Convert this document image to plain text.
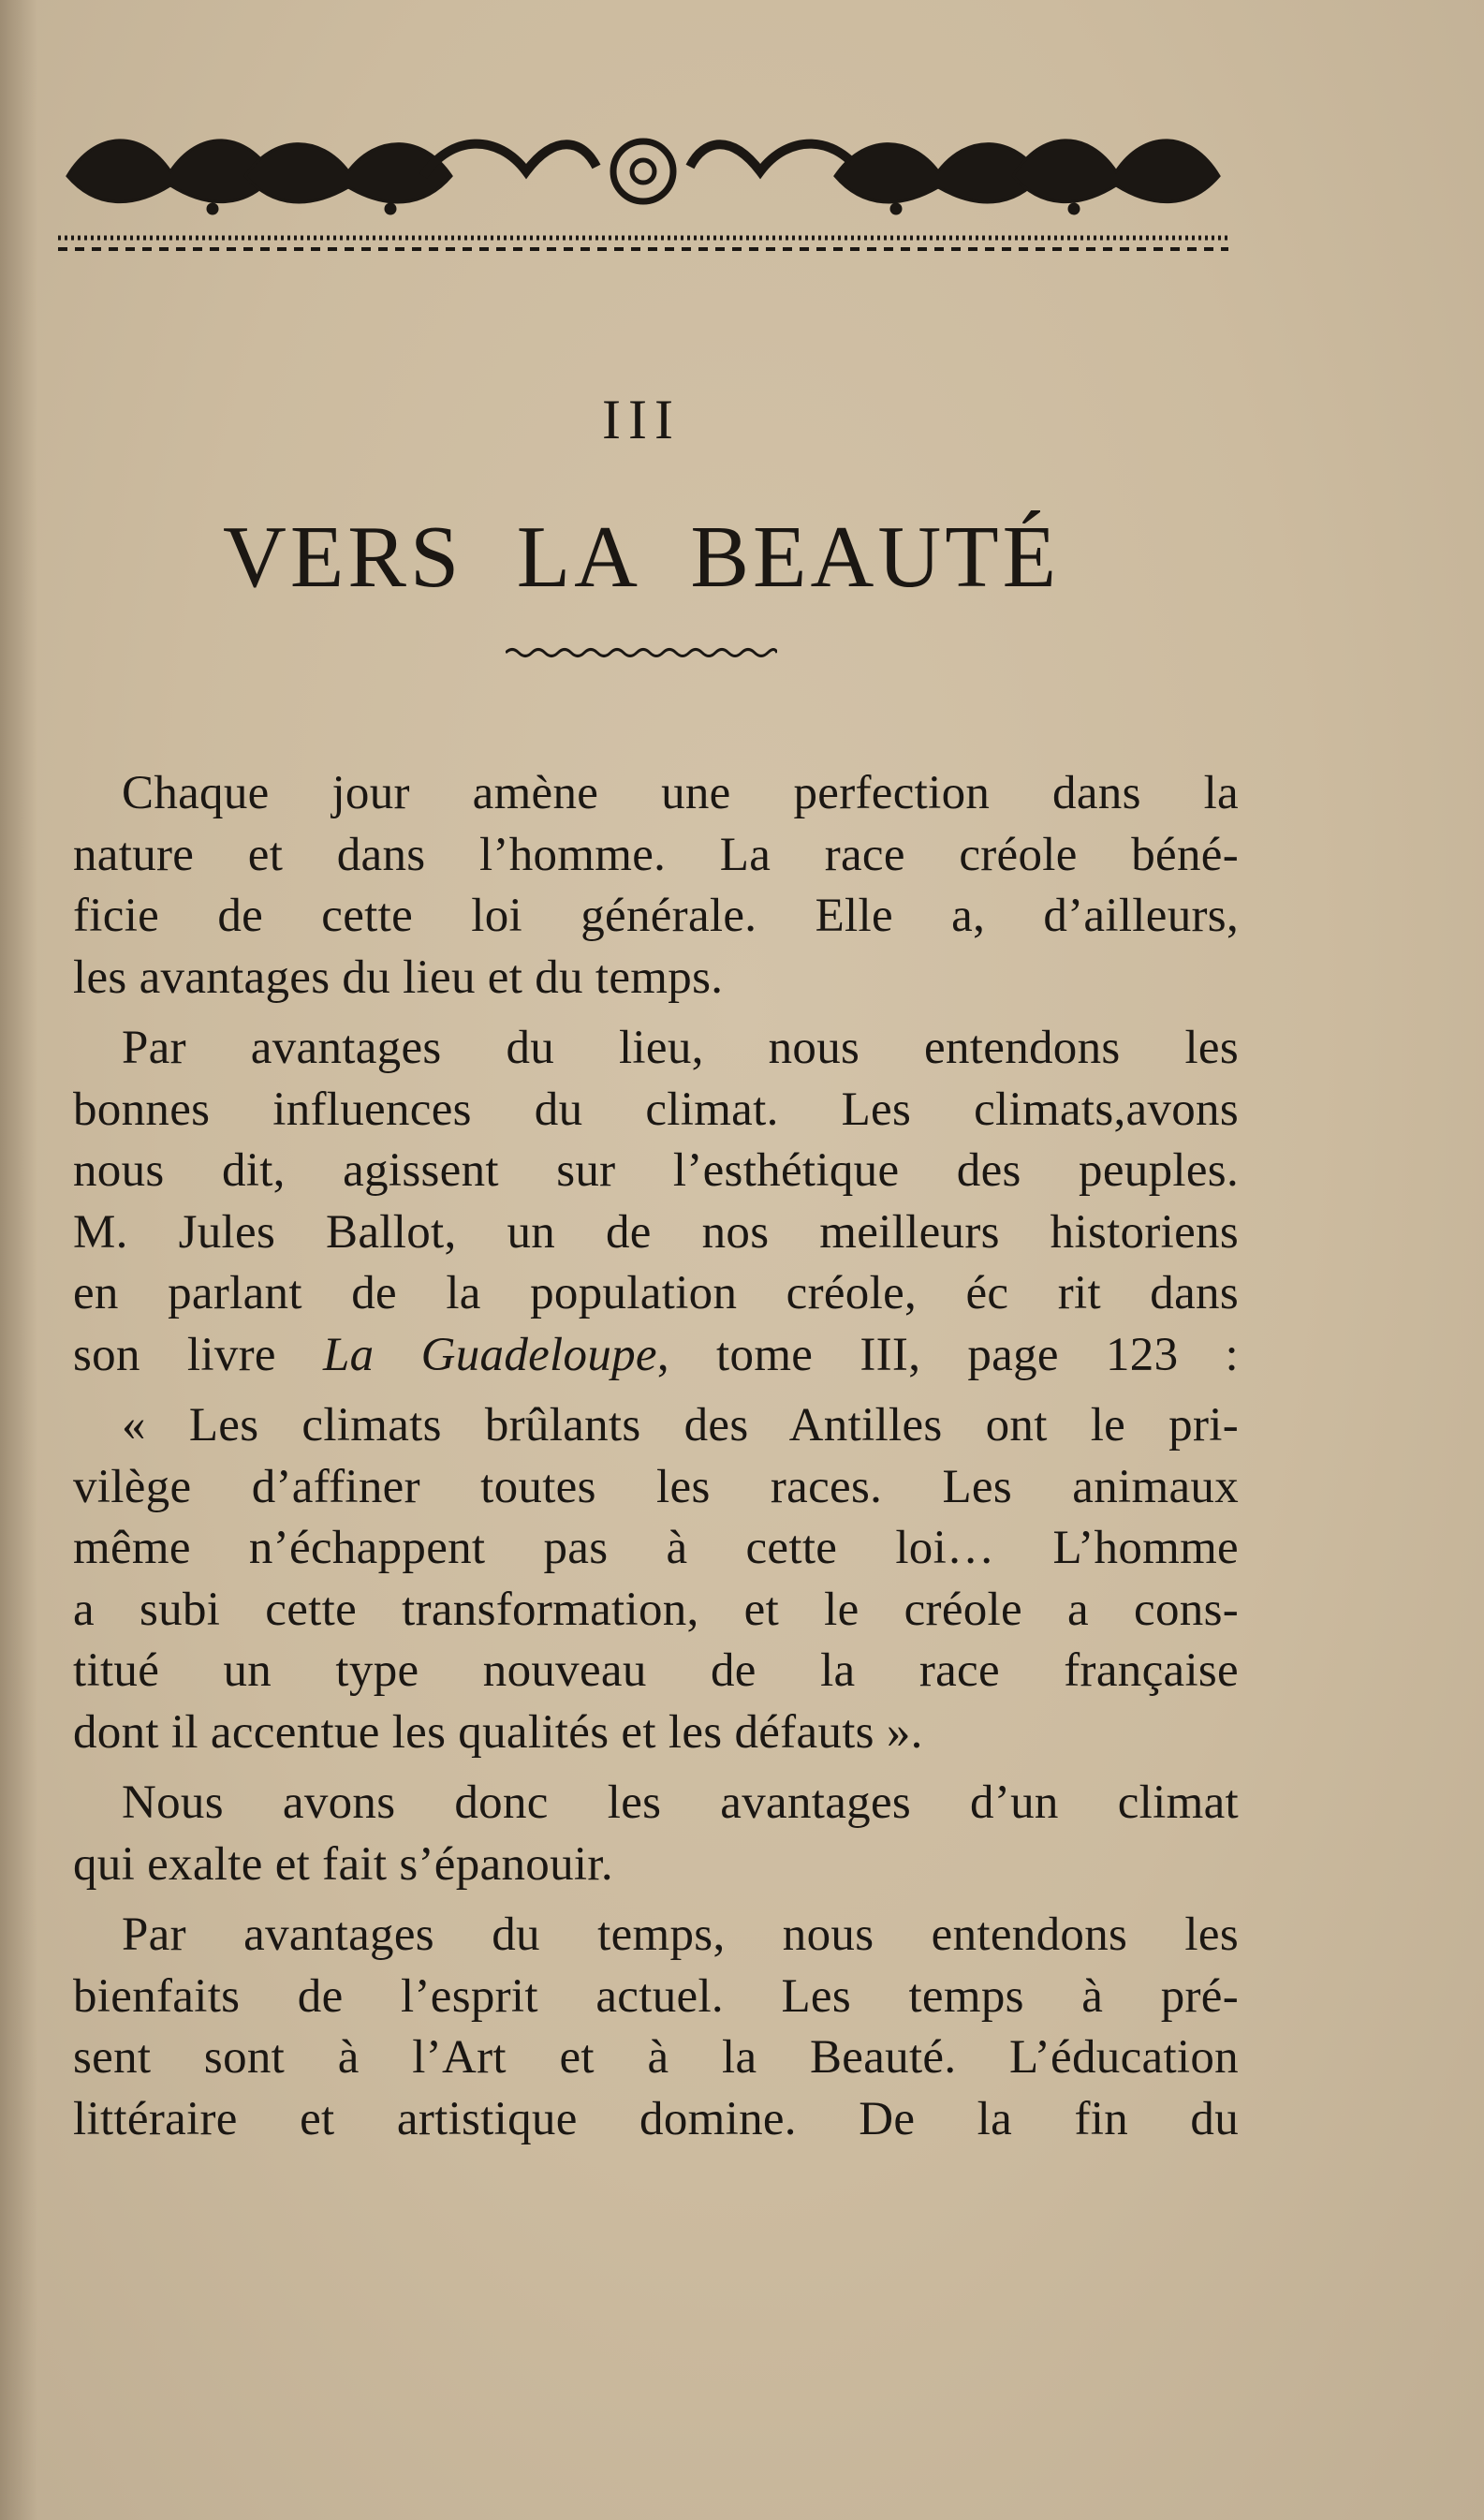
III
VERS LA BEAUTÉ
Chaque jour amène une perfection dans la
nature et dans l’homme. La race créole béné-
ficie de cette loi générale. Elle a, d’ailleurs,
les avantages du lieu et du temps.
Par avantages du lieu, nous entendons les
bonnes influences du climat. Les climats,avons
nous dit, agissent sur l’esthétique des peuples.
M. Jules Ballot, un de nos meilleurs historiens
en parlant de la population créole, éc rit dans
son livre La Guadeloupe, tome III, page 123 :
« Les climats brûlants des Antilles ont le pri-
vilège d’affiner toutes les races. Les animaux
même n’échappent pas à cette loi… L’homme
a subi cette transformation, et le créole a cons-
titué un type nouveau de la race française
dont il accentue les qualités et les défauts ».
Nous avons donc les avantages d’un climat
qui exalte et fait s’épanouir.
Par avantages du temps, nous entendons les
bienfaits de l’esprit actuel. Les temps à pré-
sent sont à l’Art et à la Beauté. L’éducation
littéraire et artistique domine. De la fin du
